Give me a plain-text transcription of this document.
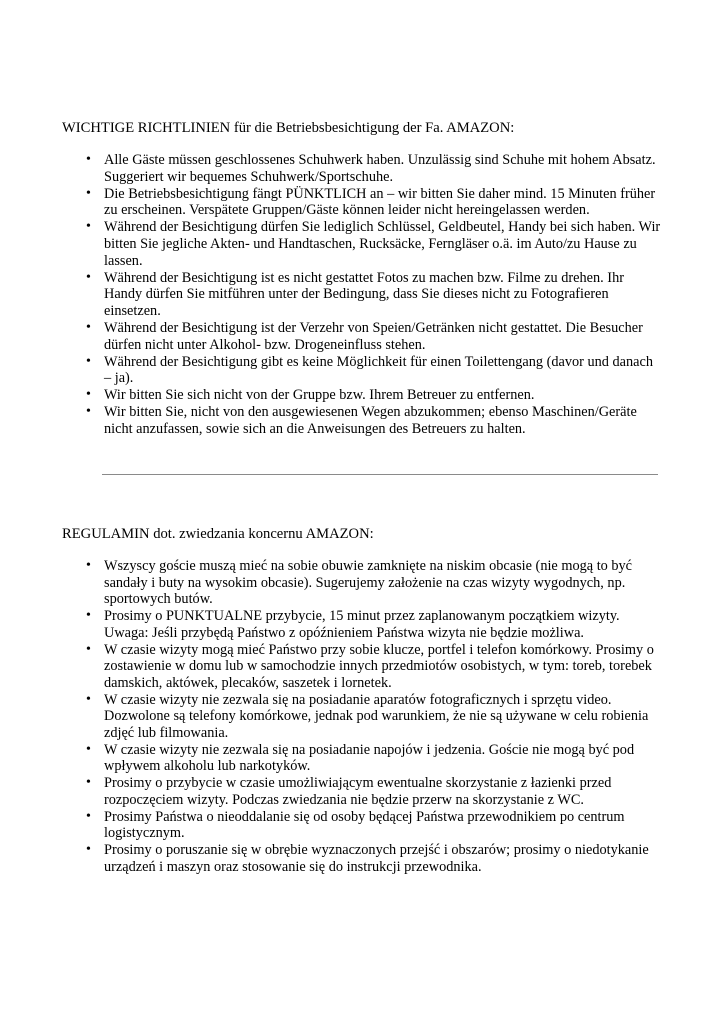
WICHTIGE RICHTLINIEN für die Betriebsbesichtigung der Fa. AMAZON:

• Alle Gäste müssen geschlossenes Schuhwerk haben. Unzulässig sind Schuhe mit hohem Absatz. Suggeriert wir bequemes Schuhwerk/Sportschuhe.
• Die Betriebsbesichtigung fängt PÜNKTLICH an – wir bitten Sie daher mind. 15 Minuten früher zu erscheinen. Verspätete Gruppen/Gäste können leider nicht hereingelassen werden.
• Während der Besichtigung dürfen Sie lediglich Schlüssel, Geldbeutel, Handy bei sich haben. Wir bitten Sie jegliche Akten- und Handtaschen, Rucksäcke, Ferngläser o.ä. im Auto/zu Hause zu lassen.
• Während der Besichtigung ist es nicht gestattet Fotos zu machen bzw. Filme zu drehen. Ihr Handy dürfen Sie mitführen unter der Bedingung, dass Sie dieses nicht zu Fotografieren einsetzen.
• Während der Besichtigung ist der Verzehr von Speien/Getränken nicht gestattet. Die Besucher dürfen nicht unter Alkohol- bzw. Drogeneinfluss stehen.
• Während der Besichtigung gibt es keine Möglichkeit für einen Toilettengang (davor und danach – ja).
• Wir bitten Sie sich nicht von der Gruppe bzw. Ihrem Betreuer zu entfernen.
• Wir bitten Sie, nicht von den ausgewiesenen Wegen abzukommen; ebenso Maschinen/Geräte nicht anzufassen, sowie sich an die Anweisungen des Betreuers zu halten.

REGULAMIN dot. zwiedzania koncernu AMAZON:

• Wszyscy goście muszą mieć na sobie obuwie zamknięte na niskim obcasie (nie mogą to być sandały i buty na wysokim obcasie). Sugerujemy założenie na czas wizyty wygodnych, np. sportowych butów.
• Prosimy o PUNKTUALNE przybycie, 15 minut przez zaplanowanym początkiem wizyty. Uwaga: Jeśli przybędą Państwo z opóźnieniem Państwa wizyta nie będzie możliwa.
• W czasie wizyty mogą mieć Państwo przy sobie klucze, portfel i telefon komórkowy. Prosimy o zostawienie w domu lub w samochodzie innych przedmiotów osobistych, w tym: toreb, torebek damskich, aktówek, plecaków, saszetek i lornetek.
• W czasie wizyty nie zezwala się na posiadanie aparatów fotograficznych i sprzętu video. Dozwolone są telefony komórkowe, jednak pod warunkiem, że nie są używane w celu robienia zdjęć lub filmowania.
• W czasie wizyty nie zezwala się na posiadanie napojów i jedzenia. Goście nie mogą być pod wpływem alkoholu lub narkotyków.
• Prosimy o przybycie w czasie umożliwiającym ewentualne skorzystanie z łazienki przed rozpoczęciem wizyty. Podczas zwiedzania nie będzie przerw na skorzystanie z WC.
• Prosimy Państwa o nieoddalanie się od osoby będącej Państwa przewodnikiem po centrum logistycznym.
• Prosimy o poruszanie się w obrębie wyznaczonych przejść i obszarów; prosimy o niedotykanie urządzeń i maszyn oraz stosowanie się do instrukcji przewodnika.
